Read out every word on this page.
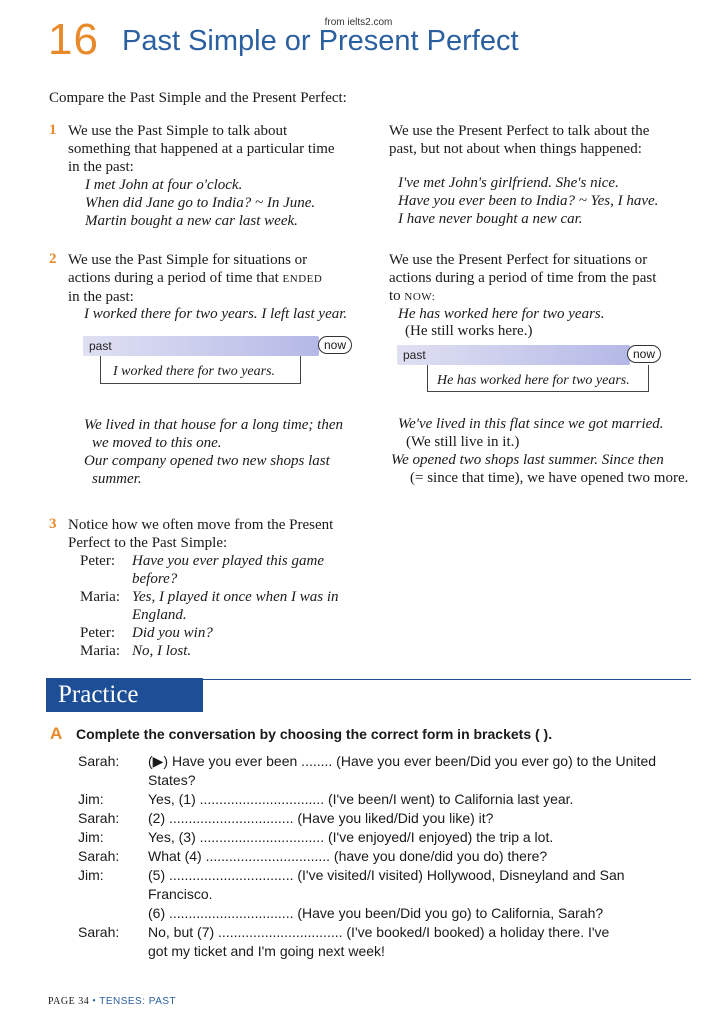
16 Past Simple or Present Perfect
from ielts2.com
Compare the Past Simple and the Present Perfect:
1 We use the Past Simple to talk about
something that happened at a particular time
in the past:
I met John at four o'clock.
When did Jane go to India? ~ In June.
Martin bought a new car last week.
We use the Present Perfect to talk about the
past, but not about when things happened:
I've met John's girlfriend. She's nice.
Have you ever been to India? ~ Yes, I have.
I have never bought a new car.
2 We use the Past Simple for situations or
actions during a period of time that ENDED
in the past:
I worked there for two years. I left last year.
past	now
I worked there for two years.
We lived in that house for a long time; then
we moved to this one.
Our company opened two new shops last
summer.
We use the Present Perfect for situations or
actions during a period of time from the past
to NOW:
He has worked here for two years.
(He still works here.)
past	now
He has worked here for two years.
We've lived in this flat since we got married.
(We still live in it.)
We opened two shops last summer. Since then
(= since that time), we have opened two more.
3 Notice how we often move from the Present
Perfect to the Past Simple:
Peter:	Have you ever played this game
before?
Maria: Yes, I played it once when I was in
England.
Peter:	Did you win?
Maria: No, I lost.
Practice
A Complete the conversation by choosing the correct form in brackets ( ).
Sarah:	(▶) Have you ever been ........ (Have you ever been/Did you ever go) to the United
States?
Jim:	Yes, (1) ................................ (I've been/I went) to California last year.
Sarah:	(2) ................................ (Have you liked/Did you like) it?
Jim:	Yes, (3) ................................ (I've enjoyed/I enjoyed) the trip a lot.
Sarah:	What (4) ................................ (have you done/did you do) there?
Jim:	(5) ................................ (I've visited/I visited) Hollywood, Disneyland and San
Francisco.
(6) ................................ (Have you been/Did you go) to California, Sarah?
Sarah:	No, but (7) ................................ (I've booked/I booked) a holiday there. I've
got my ticket and I'm going next week!
PAGE 34 • TENSES: PAST
